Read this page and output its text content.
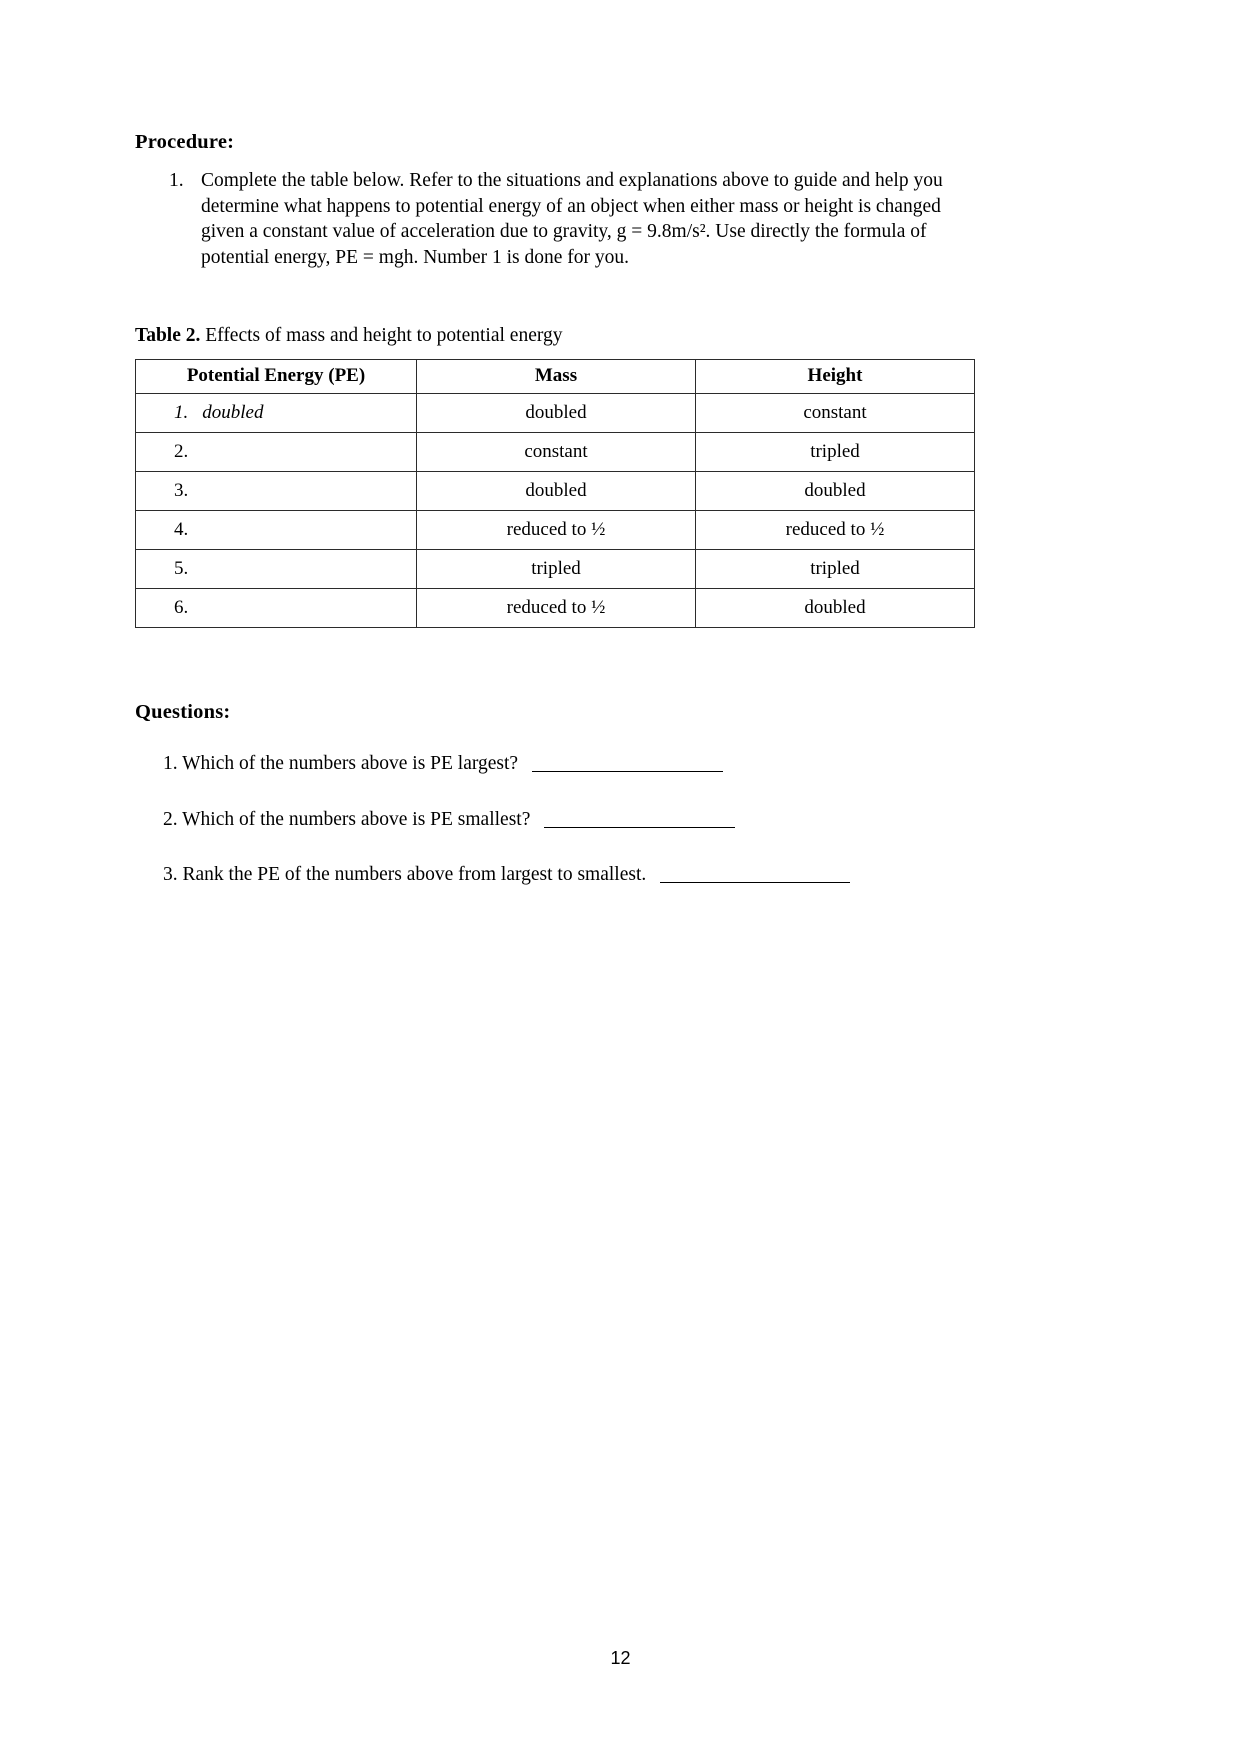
Procedure:
1. Complete the table below. Refer to the situations and explanations above to guide and help you determine what happens to potential energy of an object when either mass or height is changed given a constant value of acceleration due to gravity, g = 9.8m/s². Use directly the formula of potential energy, PE = mgh. Number 1 is done for you.
Table 2. Effects of mass and height to potential energy
Potential Energy (PE)	Mass	Height
1. doubled	doubled	constant
2.	constant	tripled
3.	doubled	doubled
4.	reduced to ½	reduced to ½
5.	tripled	tripled
6.	reduced to ½	doubled
Questions:
1. Which of the numbers above is PE largest?
2. Which of the numbers above is PE smallest?
3. Rank the PE of the numbers above from largest to smallest.
12
